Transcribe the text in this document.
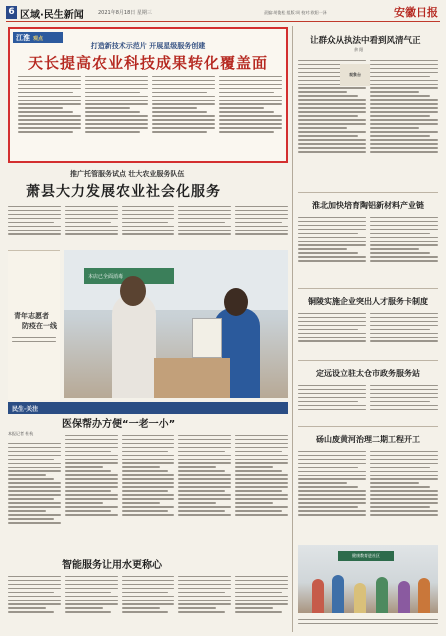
6 区域·民生新闻	2021年8月18日 星期三	责编:胡俊松 组版:周 校对:欧阳一泽	安徽日报
江淮 观点
打造新技术示范片 开展星级服务创建
天长提高农业科技成果转化覆盖面
推广托管服务试点 壮大农业服务队伍
萧县大力发展农业社会化服务
青年志愿者
防疫在一线
本店已全面消毒
民生·关注
医保帮办方便“一老一小”
本报记者 杜杭
智能服务让用水更称心
让群众从执法中看到风清气正
余 阳
观象台
淮北加快培育陶铝新材料产业链
铜陵实施企业突出人才服务卡制度
定远设立驻太仓市政务服务站
砀山废黄河治理二期工程开工
健康教育进社区
